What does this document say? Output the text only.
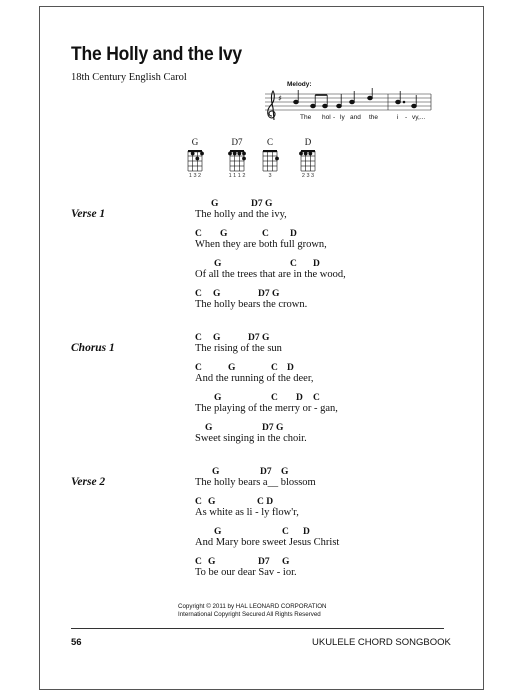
The Holly and the Ivy
18th Century English Carol
Melody:
♯
The hol - ly and the	i - vy,...
G
1 3 2
D7
1 1 1 2
C
3
D
2 3 3
Verse 1
Chorus 1
Verse 2
G	D7 G
The holly and the ivy,
C G	C D
When they are both full grown,
G	C D
Of all the trees that are in the wood,
C G	D7 G
The holly bears the crown.
C G	D7 G
The rising of the sun
C	G	C D
And the running of the deer,
G	C D C
The playing of the merry or - gan,
G	D7 G
Sweet singing in the choir.
G	D7 G
The holly bears a__ blossom
C G	C D
As white as li - ly flow'r,
G	C D
And Mary bore sweet Jesus Christ
C G	D7 G
To be our dear Sav - ior.
Copyright © 2011 by HAL LEONARD CORPORATION
International Copyright Secured All Rights Reserved
56	UKULELE CHORD SONGBOOK
